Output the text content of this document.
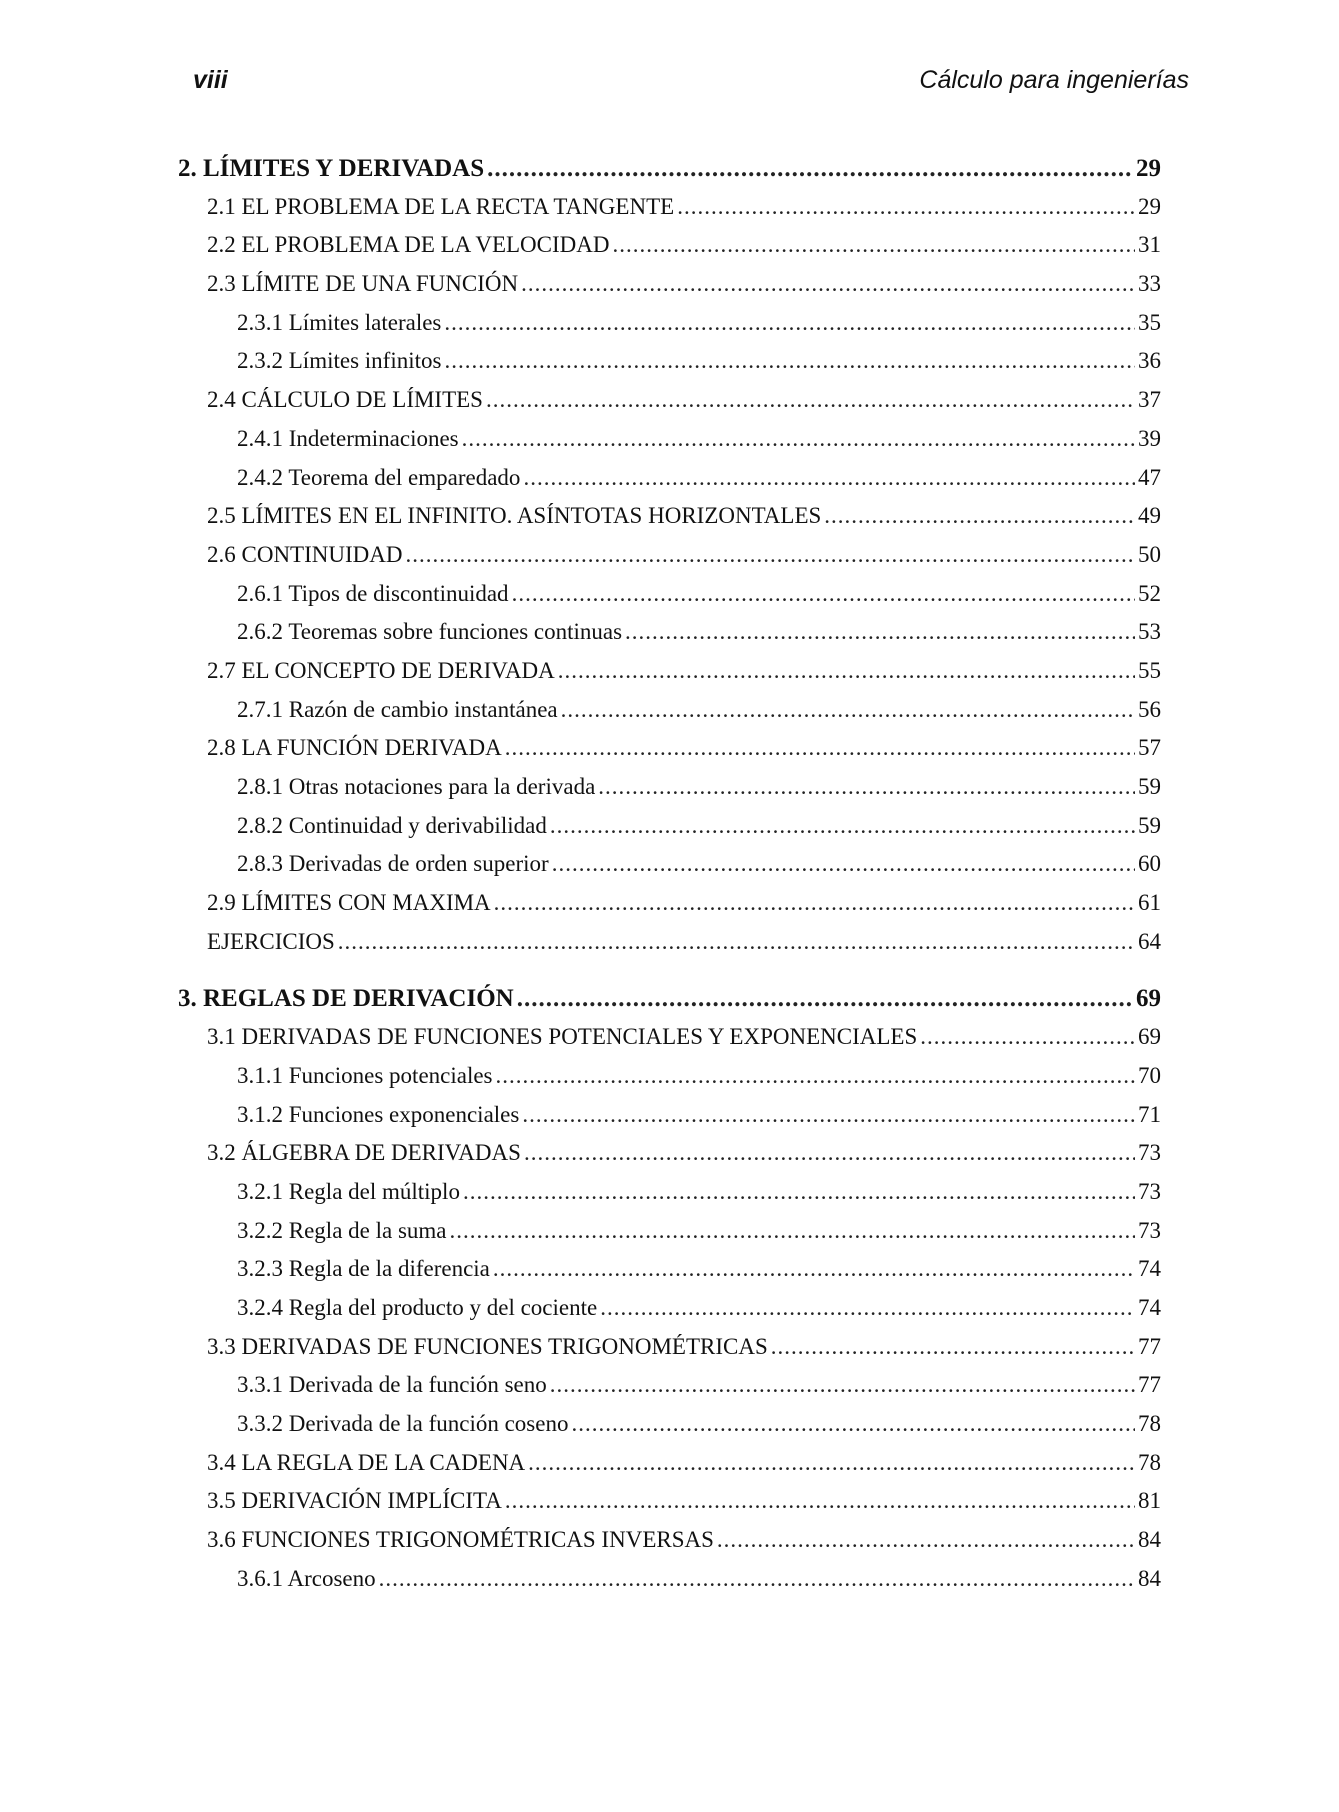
viii	Cálculo para ingenierías
2. LÍMITES Y DERIVADAS .....	29
2.1 EL PROBLEMA DE LA RECTA TANGENTE .....	29
2.2 EL PROBLEMA DE LA VELOCIDAD .....	31
2.3 LÍMITE DE UNA FUNCIÓN .....	33
2.3.1 Límites laterales .....	35
2.3.2 Límites infinitos .....	36
2.4 CÁLCULO DE LÍMITES .....	37
2.4.1 Indeterminaciones .....	39
2.4.2 Teorema del emparedado .....	47
2.5 LÍMITES EN EL INFINITO. ASÍNTOTAS HORIZONTALES .....	49
2.6 CONTINUIDAD .....	50
2.6.1 Tipos de discontinuidad .....	52
2.6.2 Teoremas sobre funciones continuas .....	53
2.7 EL CONCEPTO DE DERIVADA .....	55
2.7.1 Razón de cambio instantánea .....	56
2.8 LA FUNCIÓN DERIVADA .....	57
2.8.1 Otras notaciones para la derivada .....	59
2.8.2 Continuidad y derivabilidad .....	59
2.8.3 Derivadas de orden superior .....	60
2.9 LÍMITES CON MAXIMA .....	61
EJERCICIOS .....	64
3. REGLAS DE DERIVACIÓN .....	69
3.1 DERIVADAS DE FUNCIONES POTENCIALES Y EXPONENCIALES .....	69
3.1.1 Funciones potenciales .....	70
3.1.2 Funciones exponenciales .....	71
3.2 ÁLGEBRA DE DERIVADAS .....	73
3.2.1 Regla del múltiplo .....	73
3.2.2 Regla de la suma .....	73
3.2.3 Regla de la diferencia .....	74
3.2.4 Regla del producto y del cociente .....	74
3.3 DERIVADAS DE FUNCIONES TRIGONOMÉTRICAS .....	77
3.3.1 Derivada de la función seno .....	77
3.3.2 Derivada de la función coseno .....	78
3.4 LA REGLA DE LA CADENA .....	78
3.5 DERIVACIÓN IMPLÍCITA .....	81
3.6 FUNCIONES TRIGONOMÉTRICAS INVERSAS .....	84
3.6.1 Arcoseno .....	84
